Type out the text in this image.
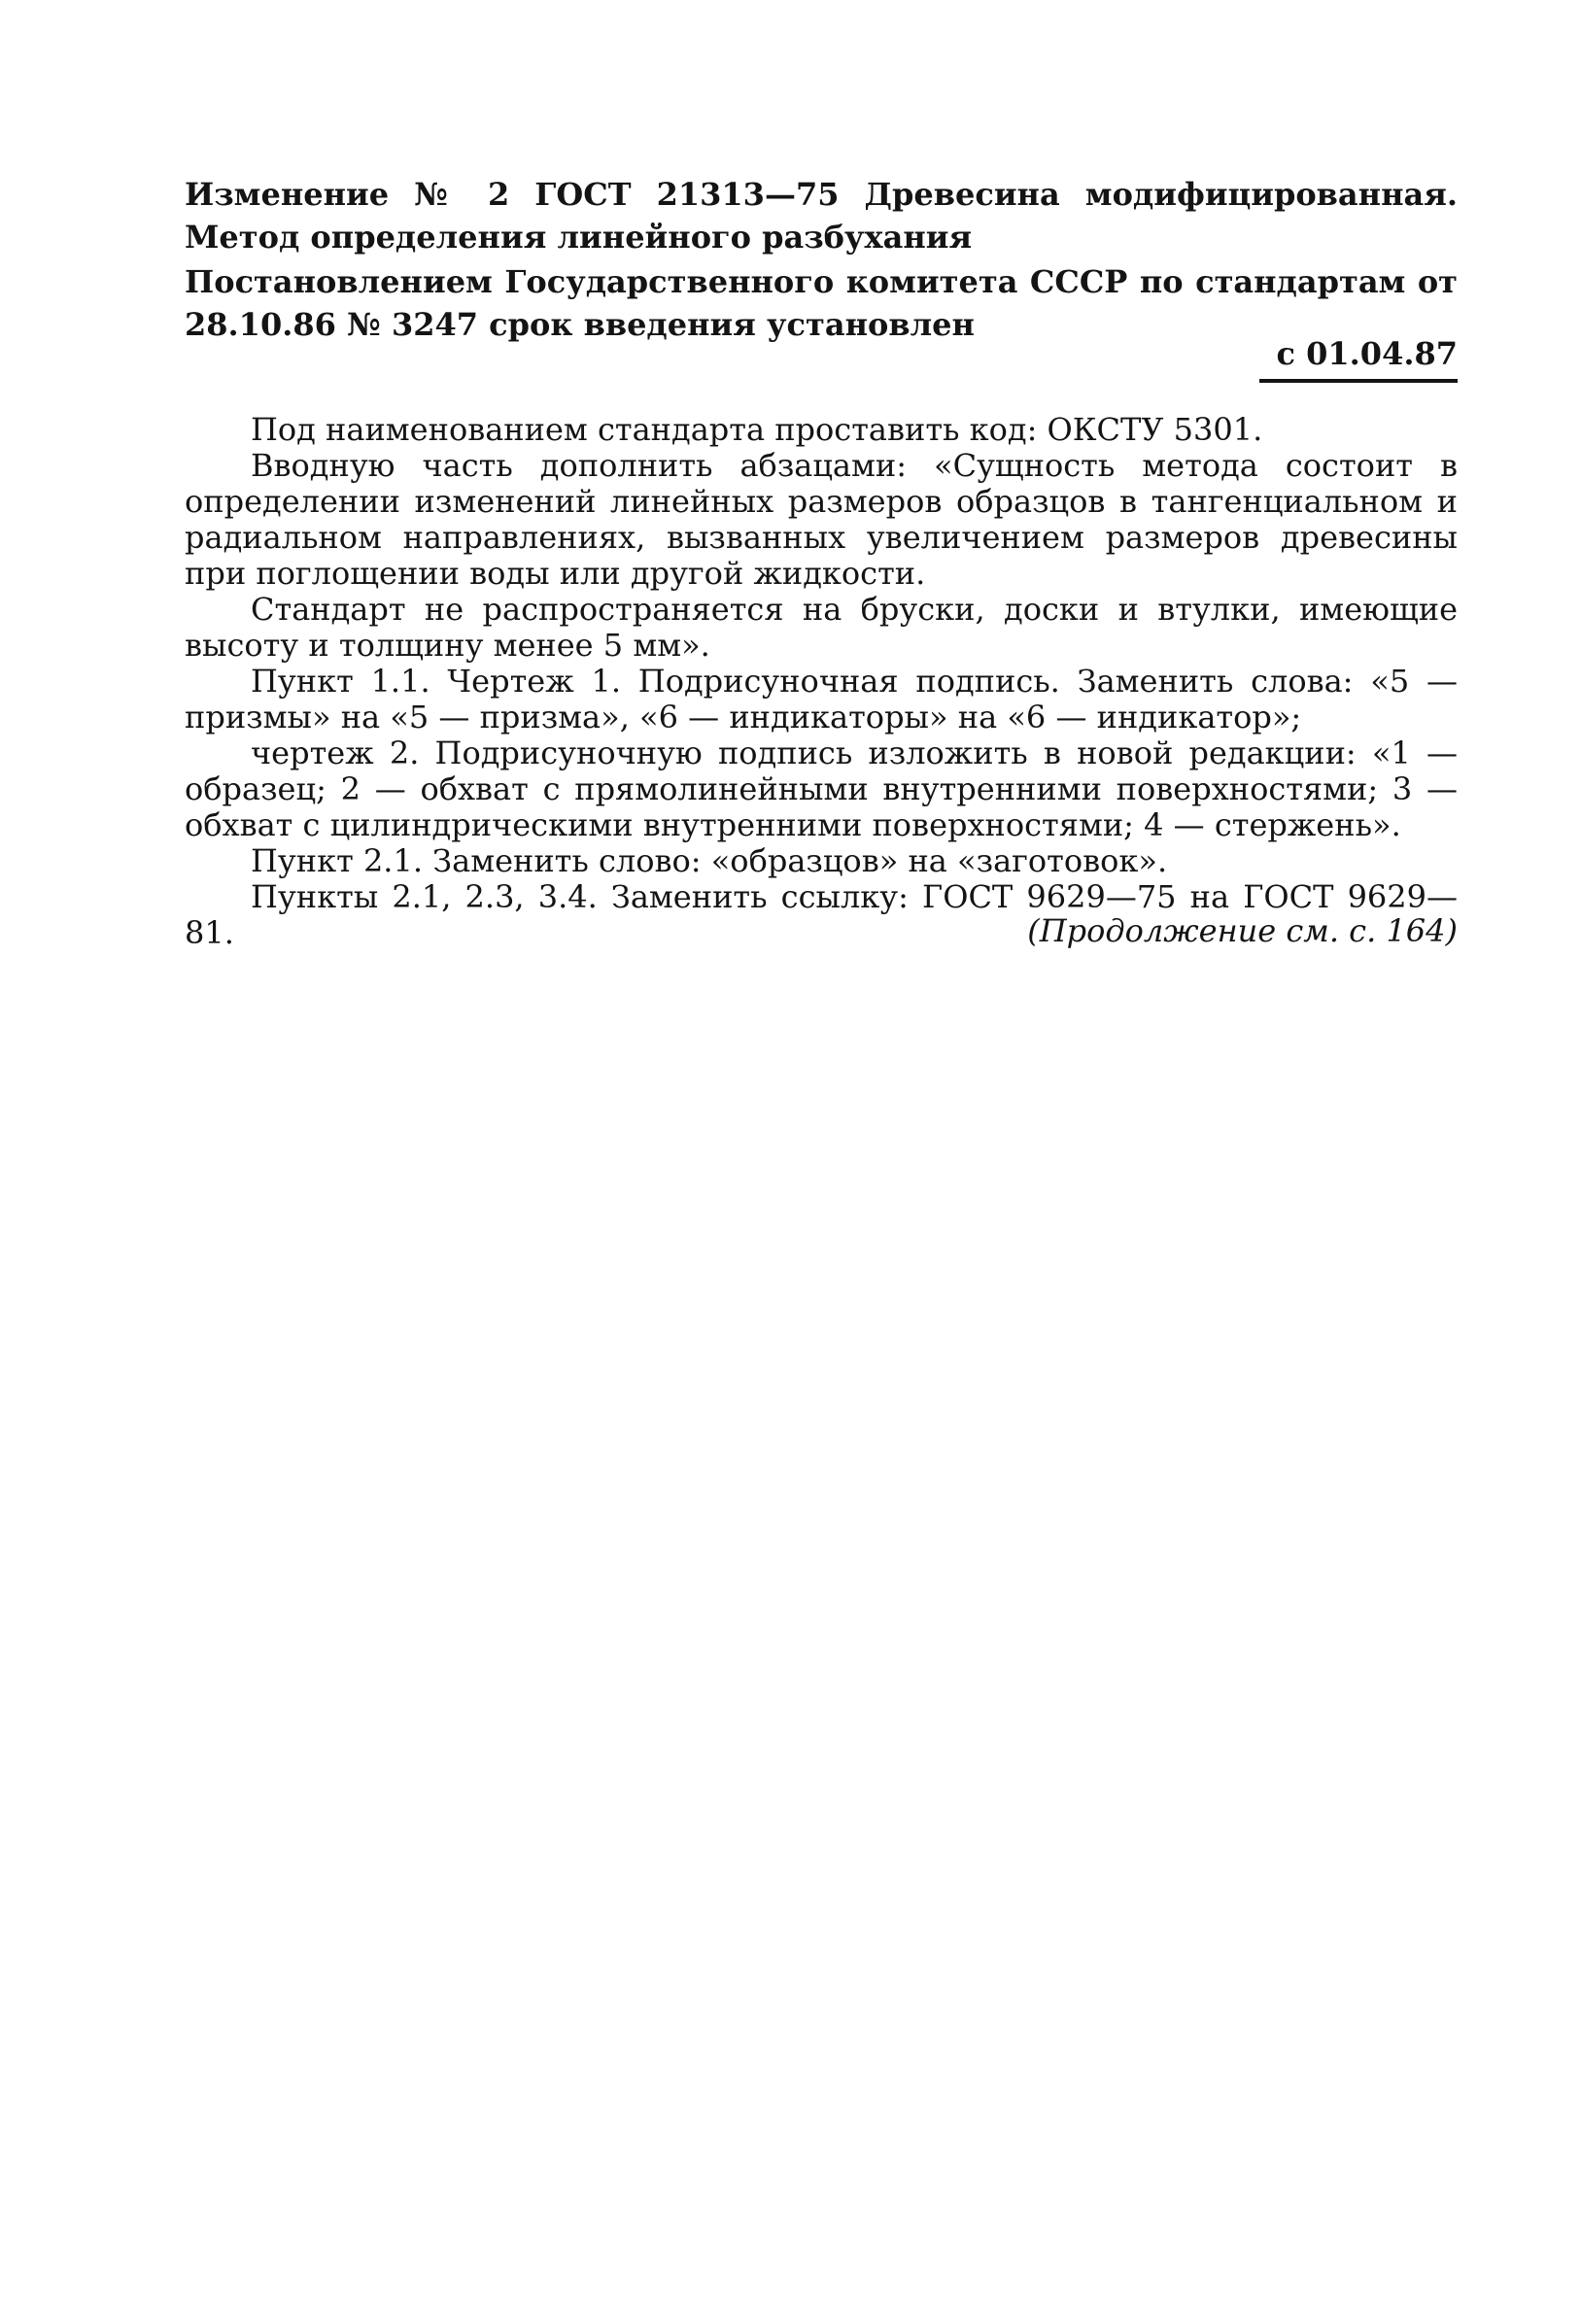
Изменение № 2 ГОСТ 21313—75 Древесина модифицированная. Метод определения линейного разбухания
Постановлением Государственного комитета СССР по стандартам от 28.10.86 № 3247 срок введения установлен
с 01.04.87

Под наименованием стандарта проставить код: ОКСТУ 5301.

Вводную часть дополнить абзацами: «Сущность метода состоит в определении изменений линейных размеров образцов в тангенциальном и радиальном направлениях, вызванных увеличением размеров древесины при поглощении воды или другой жидкости.

Стандарт не распространяется на бруски, доски и втулки, имеющие высоту и толщину менее 5 мм».

Пункт 1.1. Чертеж 1. Подрисуночная подпись. Заменить слова: «5 — призмы» на «5 — призма», «6 — индикаторы» на «6 — индикатор»;

чертеж 2. Подрисуночную подпись изложить в новой редакции: «1 — образец; 2 — обхват с прямолинейными внутренними поверхностями; 3 — обхват с цилиндрическими внутренними поверхностями; 4 — стержень».

Пункт 2.1. Заменить слово: «образцов» на «заготовок».

Пункты 2.1, 2.3, 3.4. Заменить ссылку: ГОСТ 9629—75 на ГОСТ 9629—81.	(Продолжение см. с. 164)
